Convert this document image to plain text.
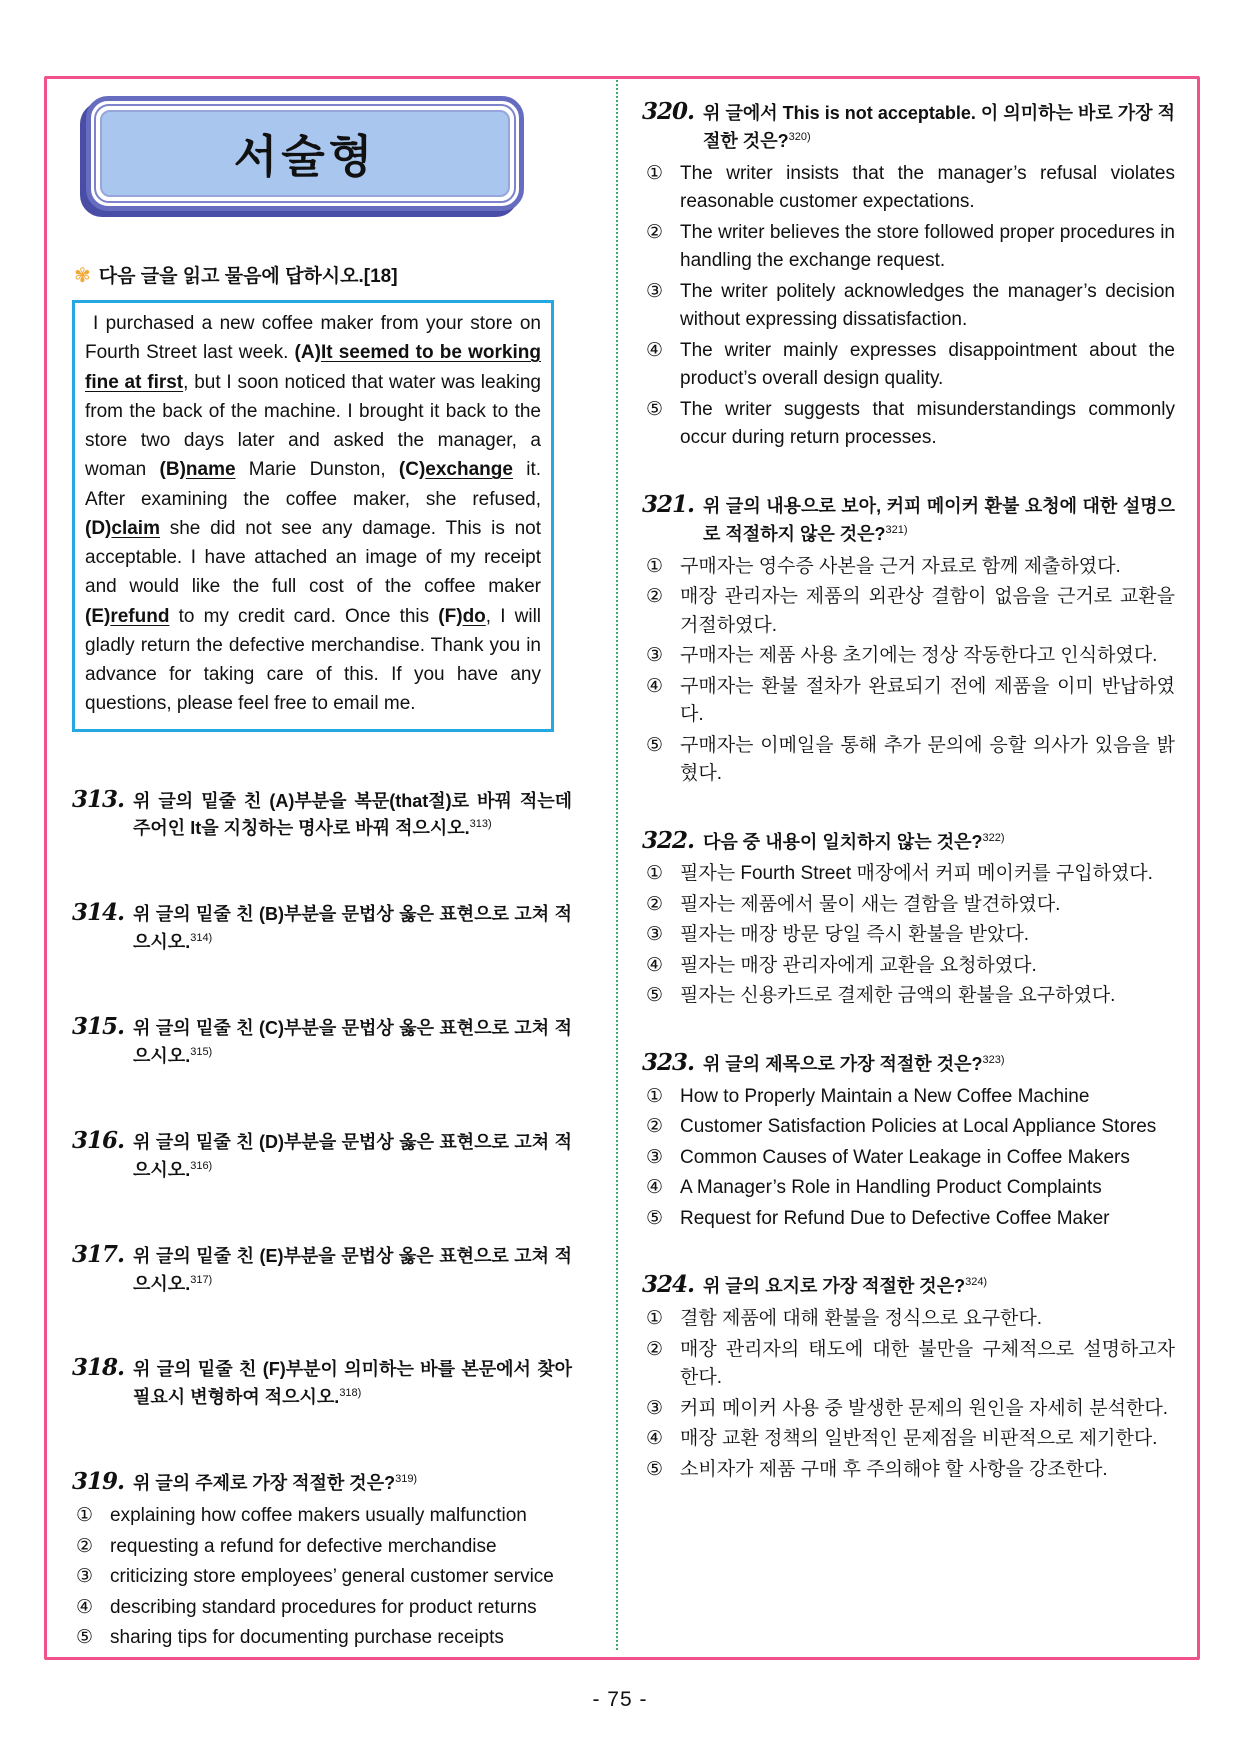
서술형
✾ 다음 글을 읽고 물음에 답하시오.[18]

I purchased a new coffee maker from your store on Fourth Street last week. (A)It seemed to be working fine at first, but I soon noticed that water was leaking from the back of the machine. I brought it back to the store two days later and asked the manager, a woman (B)name Marie Dunston, (C)exchange it. After examining the coffee maker, she refused, (D)claim she did not see any damage. This is not acceptable. I have attached an image of my receipt and would like the full cost of the coffee maker (E)refund to my credit card. Once this (F)do, I will gladly return the defective merchandise. Thank you in advance for taking care of this. If you have any questions, please feel free to email me.

313. 위 글의 밑줄 친 (A)부분을 복문(that절)로 바꿔 적는데 주어인 It을 지칭하는 명사로 바꿔 적으시오.$^{313)}$
314. 위 글의 밑줄 친 (B)부분을 문법상 옳은 표현으로 고쳐 적으시오.$^{314)}$
315. 위 글의 밑줄 친 (C)부분을 문법상 옳은 표현으로 고쳐 적으시오.$^{315)}$
316. 위 글의 밑줄 친 (D)부분을 문법상 옳은 표현으로 고쳐 적으시오.$^{316)}$
317. 위 글의 밑줄 친 (E)부분을 문법상 옳은 표현으로 고쳐 적으시오.$^{317)}$
318. 위 글의 밑줄 친 (F)부분이 의미하는 바를 본문에서 찾아 필요시 변형하여 적으시오.$^{318)}$
319. 위 글의 주제로 가장 적절한 것은?$^{319)}$
① explaining how coffee makers usually malfunction
② requesting a refund for defective merchandise
③ criticizing store employees’ general customer service
④ describing standard procedures for product returns
⑤ sharing tips for documenting purchase receipts
320. 위 글에서 This is not acceptable. 이 의미하는 바로 가장 적절한 것은?$^{320)}$
① The writer insists that the manager’s refusal violates reasonable customer expectations.
② The writer believes the store followed proper procedures in handling the exchange request.
③ The writer politely acknowledges the manager’s decision without expressing dissatisfaction.
④ The writer mainly expresses disappointment about the product’s overall design quality.
⑤ The writer suggests that misunderstandings commonly occur during return processes.
321. 위 글의 내용으로 보아, 커피 메이커 환불 요청에 대한 설명으로 적절하지 않은 것은?$^{321)}$
① 구매자는 영수증 사본을 근거 자료로 함께 제출하였다.
② 매장 관리자는 제품의 외관상 결함이 없음을 근거로 교환을 거절하였다.
③ 구매자는 제품 사용 초기에는 정상 작동한다고 인식하였다.
④ 구매자는 환불 절차가 완료되기 전에 제품을 이미 반납하였다.
⑤ 구매자는 이메일을 통해 추가 문의에 응할 의사가 있음을 밝혔다.
322. 다음 중 내용이 일치하지 않는 것은?$^{322)}$
① 필자는 Fourth Street 매장에서 커피 메이커를 구입하였다.
② 필자는 제품에서 물이 새는 결함을 발견하였다.
③ 필자는 매장 방문 당일 즉시 환불을 받았다.
④ 필자는 매장 관리자에게 교환을 요청하였다.
⑤ 필자는 신용카드로 결제한 금액의 환불을 요구하였다.
323. 위 글의 제목으로 가장 적절한 것은?$^{323)}$
① How to Properly Maintain a New Coffee Machine
② Customer Satisfaction Policies at Local Appliance Stores
③ Common Causes of Water Leakage in Coffee Makers
④ A Manager’s Role in Handling Product Complaints
⑤ Request for Refund Due to Defective Coffee Maker
324. 위 글의 요지로 가장 적절한 것은?$^{324)}$
① 결함 제품에 대해 환불을 정식으로 요구한다.
② 매장 관리자의 태도에 대한 불만을 구체적으로 설명하고자 한다.
③ 커피 메이커 사용 중 발생한 문제의 원인을 자세히 분석한다.
④ 매장 교환 정책의 일반적인 문제점을 비판적으로 제기한다.
⑤ 소비자가 제품 구매 후 주의해야 할 사항을 강조한다.
- 75 -
